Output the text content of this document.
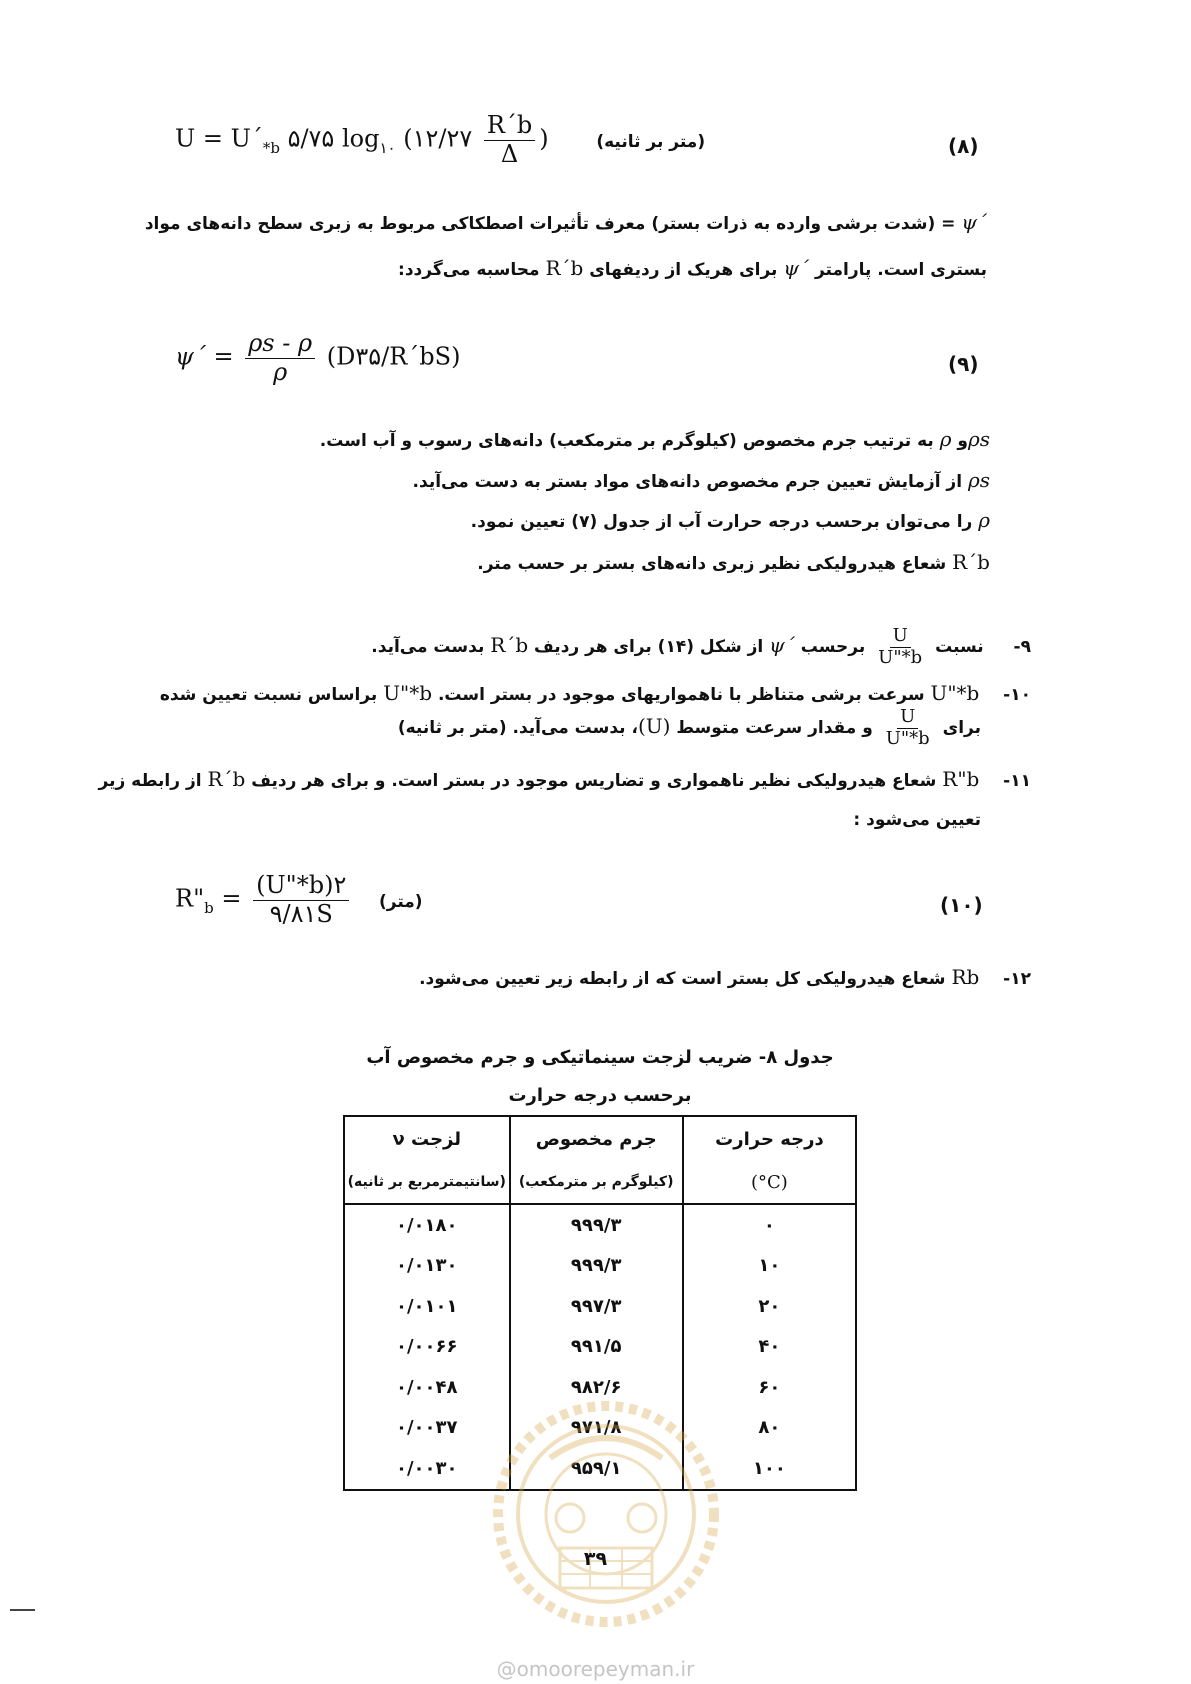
$U = U´_{*b}$ ۵/۷۵ $\log_{۱۰}$ (۱۲/۲۷ $\frac{R´b}{\Delta}$ )	(متر بر ثانیه)	(۸)
ψ´ = (شدت برشی وارده به ذرات بستر) معرف تأثیرات اصطکاکی مربوط به زبری سطح دانه‌های مواد
بستری است. پارامتر ψ´ برای هریک از ردیفهای R´b محاسبه می‌گردد:
ψ´ = $\frac{\rho s - \rho}{\rho}$ (D۳۵/R´bS)	(۹)
ρsو ρ به ترتیب جرم مخصوص (کیلوگرم بر مترمکعب) دانه‌های رسوب و آب است.
ρs از آزمایش تعیین جرم مخصوص دانه‌های مواد بستر به دست می‌آید.
ρ را می‌توان برحسب درجه حرارت آب از جدول (۷) تعیین نمود.
R´b شعاع هیدرولیکی نظیر زبری دانه‌های بستر بر حسب متر.
۹-  نسبت
$\frac{U}{U"*b}$
برحسب ψ´ از شکل (۱۴) برای هر ردیف R´b بدست می‌آید.
۱۰-  U"*b سرعت برشی متناظر با ناهمواریهای موجود در بستر است. U"*b براساس نسبت تعیین شده
برای
$\frac{U}{U"*b}$
و مقدار سرعت متوسط (U)، بدست می‌آید. (متر بر ثانیه)
۱۱-  R"b شعاع هیدرولیکی نظیر ناهمواری و تضاریس موجود در بستر است. و برای هر ردیف R´b از رابطه زیر
تعیین می‌شود :
$R"_b = \frac{(U"*b)۲}{۹/۸۱S}$ (متر)	(۱۰)
۱۲-  Rb شعاع هیدرولیکی کل بستر است که از رابطه زیر تعیین می‌شود.
جدول ۸- ضریب لزجت سینماتیکی و جرم مخصوص آب
برحسب درجه حرارت
درجه حرارت	جرم مخصوص	لزجت ν
(°C)	(کیلوگرم بر مترمکعب)	(سانتیمترمربع بر ثانیه)
۰	۹۹۹/۳	۰/۰۱۸۰
۱۰	۹۹۹/۳	۰/۰۱۳۰
۲۰	۹۹۷/۳	۰/۰۱۰۱
۴۰	۹۹۱/۵	۰/۰۰۶۶
۶۰	۹۸۲/۶	۰/۰۰۴۸
۸۰	۹۷۱/۸	۰/۰۰۳۷
۱۰۰	۹۵۹/۱	۰/۰۰۳۰
۳۹
@omoorepeyman.ir
